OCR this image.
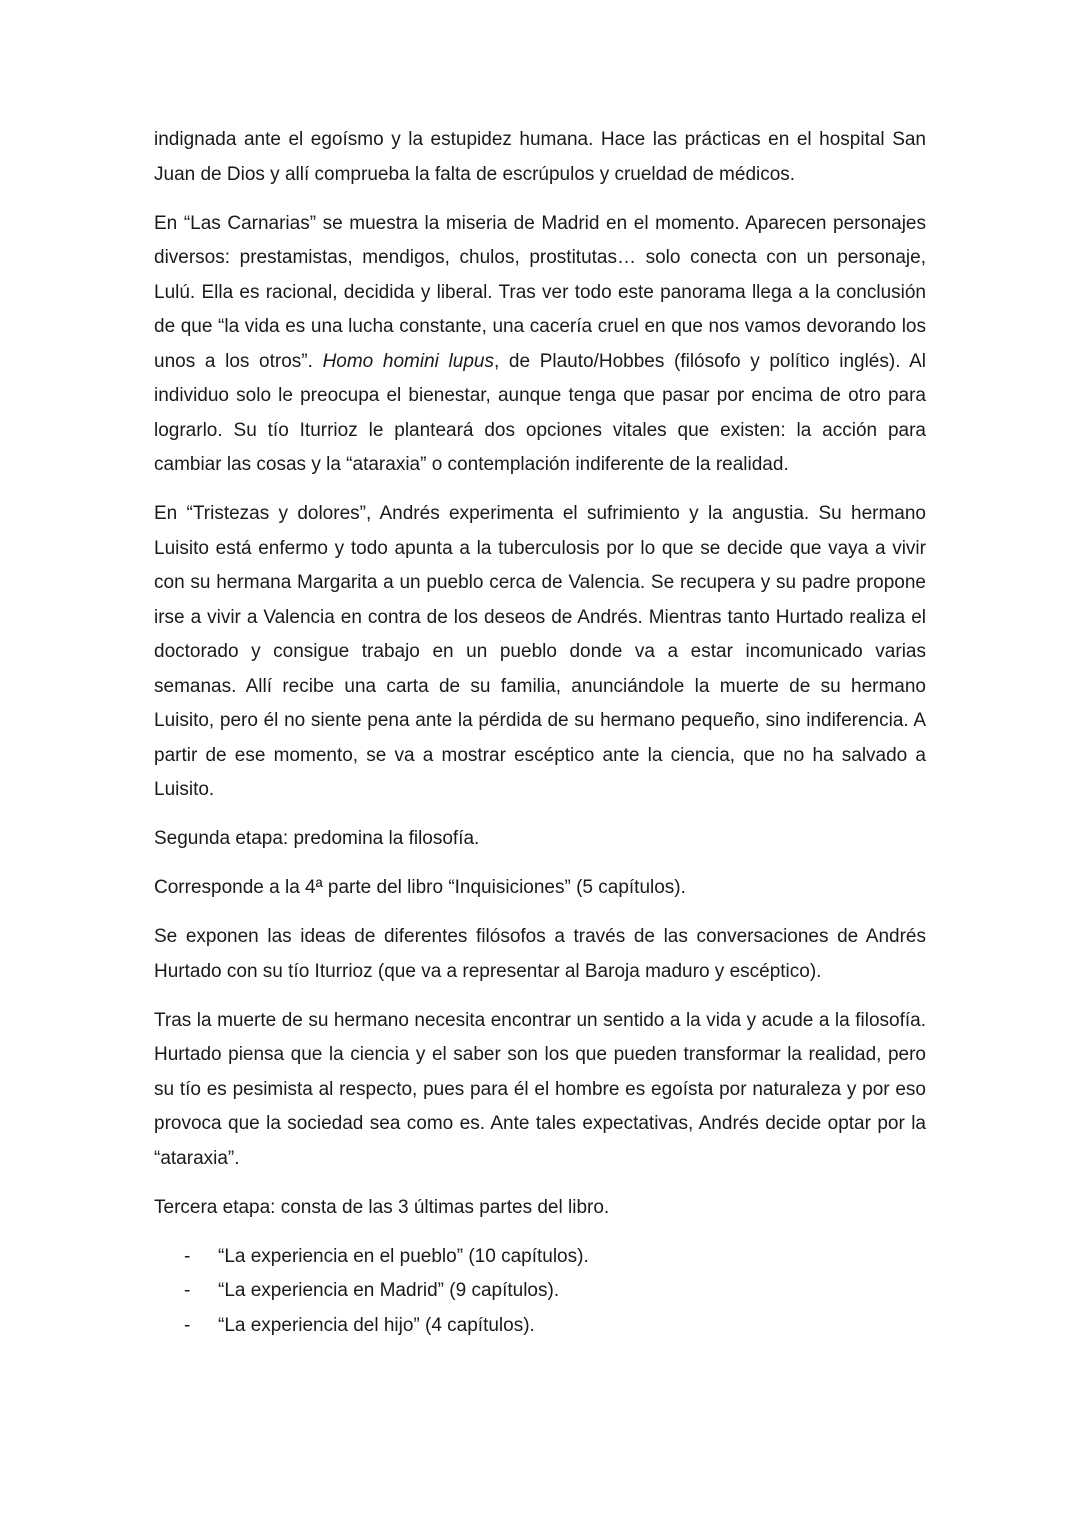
indignada ante el egoísmo y la estupidez humana. Hace las prácticas en el hospital San Juan de Dios y allí comprueba la falta de escrúpulos y crueldad de médicos.

En “Las Carnarias” se muestra la miseria de Madrid en el momento. Aparecen personajes diversos: prestamistas, mendigos, chulos, prostitutas… solo conecta con un personaje, Lulú. Ella es racional, decidida y liberal. Tras ver todo este panorama llega a la conclusión de que “la vida es una lucha constante, una cacería cruel en que nos vamos devorando los unos a los otros”. Homo homini lupus, de Plauto/Hobbes (filósofo y político inglés). Al individuo solo le preocupa el bienestar, aunque tenga que pasar por encima de otro para lograrlo. Su tío Iturrioz le planteará dos opciones vitales que existen: la acción para cambiar las cosas y la “ataraxia” o contemplación indiferente de la realidad.

En “Tristezas y dolores”, Andrés experimenta el sufrimiento y la angustia. Su hermano Luisito está enfermo y todo apunta a la tuberculosis por lo que se decide que vaya a vivir con su hermana Margarita a un pueblo cerca de Valencia. Se recupera y su padre propone irse a vivir a Valencia en contra de los deseos de Andrés. Mientras tanto Hurtado realiza el doctorado y consigue trabajo en un pueblo donde va a estar incomunicado varias semanas. Allí recibe una carta de su familia, anunciándole la muerte de su hermano Luisito, pero él no siente pena ante la pérdida de su hermano pequeño, sino indiferencia. A partir de ese momento, se va a mostrar escéptico ante la ciencia, que no ha salvado a Luisito.

Segunda etapa: predomina la filosofía.

Corresponde a la 4ª parte del libro “Inquisiciones” (5 capítulos).

Se exponen las ideas de diferentes filósofos a través de las conversaciones de Andrés Hurtado con su tío Iturrioz (que va a representar al Baroja maduro y escéptico).

Tras la muerte de su hermano necesita encontrar un sentido a la vida y acude a la filosofía. Hurtado piensa que la ciencia y el saber son los que pueden transformar la realidad, pero su tío es pesimista al respecto, pues para él el hombre es egoísta por naturaleza y por eso provoca que la sociedad sea como es. Ante tales expectativas, Andrés decide optar por la “ataraxia”.

Tercera etapa: consta de las 3 últimas partes del libro.

- “La experiencia en el pueblo” (10 capítulos).
- “La experiencia en Madrid” (9 capítulos).
- “La experiencia del hijo” (4 capítulos).
